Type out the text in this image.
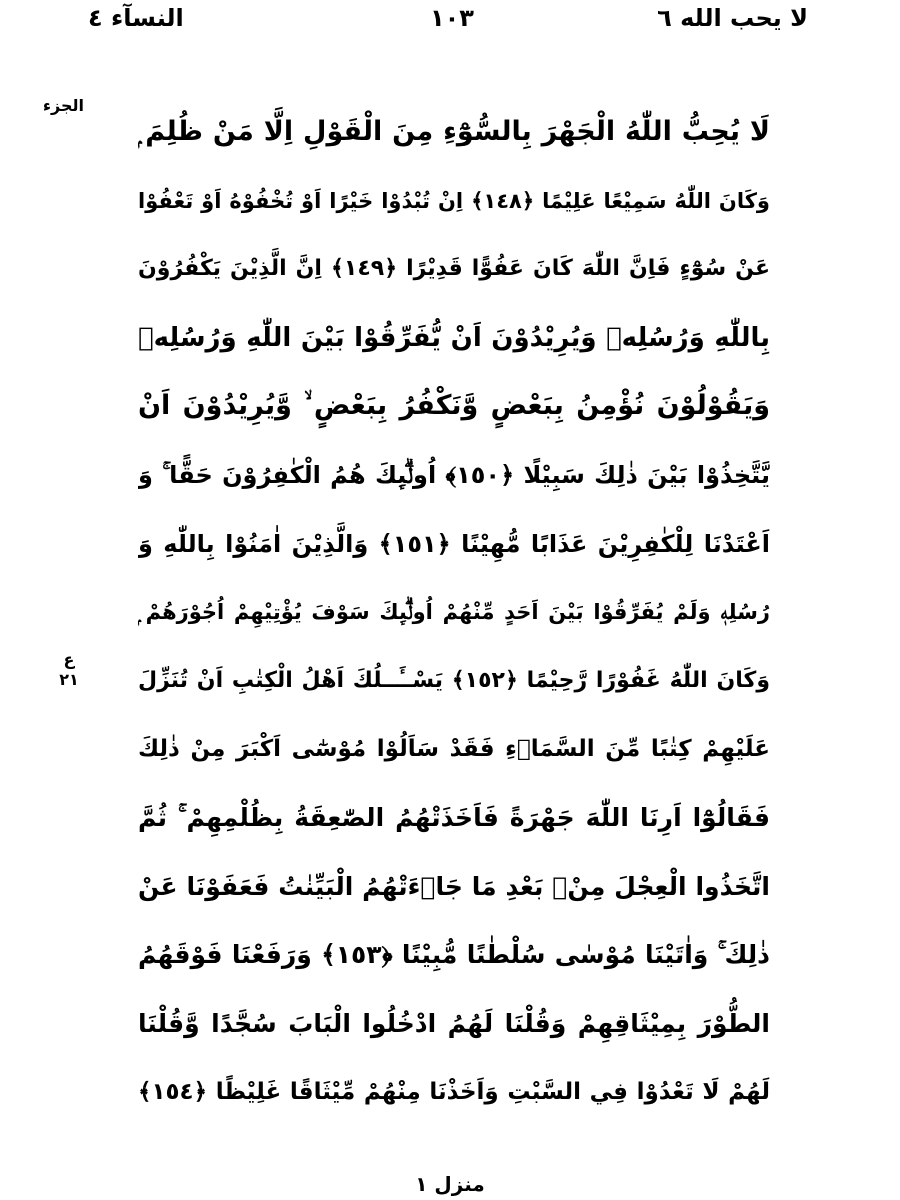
لا يحب الله ٦
١٠٣
النسآء ٤
الجزء
ع ٢١
لَا يُحِبُّ اللّٰهُ الْجَهْرَ بِالسُّوْٓءِ مِنَ الْقَوْلِ اِلَّا مَنْ ظُلِمَ ۭ
وَكَانَ اللّٰهُ سَمِيْعًا عَلِيْمًا ﴿١٤٨﴾ اِنْ تُبْدُوْا خَيْرًا اَوْ تُخْفُوْهُ اَوْ تَعْفُوْا
عَنْ سُوْٓءٍ فَاِنَّ اللّٰهَ كَانَ عَفُوًّا قَدِيْرًا ﴿١٤٩﴾ اِنَّ الَّذِيْنَ يَكْفُرُوْنَ
بِاللّٰهِ وَرُسُلِهٖ وَيُرِيْدُوْنَ اَنْ يُّفَرِّقُوْا بَيْنَ اللّٰهِ وَرُسُلِهٖ
وَيَقُوْلُوْنَ نُؤْمِنُ بِبَعْضٍ وَّنَكْفُرُ بِبَعْضٍ ۙ وَّيُرِيْدُوْنَ اَنْ
يَّتَّخِذُوْا بَيْنَ ذٰلِكَ سَبِيْلًا ﴿١٥٠﴾ اُولٰۗىِٕكَ هُمُ الْكٰفِرُوْنَ حَقًّا ۚ وَ
اَعْتَدْنَا لِلْكٰفِرِيْنَ عَذَابًا مُّهِيْنًا ﴿١٥١﴾ وَالَّذِيْنَ اٰمَنُوْا بِاللّٰهِ وَ
رُسُلِهٖ وَلَمْ يُفَرِّقُوْا بَيْنَ اَحَدٍ مِّنْهُمْ اُولٰۗىِٕكَ سَوْفَ يُؤْتِيْهِمْ اُجُوْرَهُمْ ۭ
وَكَانَ اللّٰهُ غَفُوْرًا رَّحِيْمًا ﴿١٥٢﴾ يَسْــَٔــلُكَ اَهْلُ الْكِتٰبِ اَنْ تُنَزِّلَ
عَلَيْهِمْ كِتٰبًا مِّنَ السَّمَاۗءِ فَقَدْ سَاَلُوْا مُوْسٰٓى اَكْبَرَ مِنْ ذٰلِكَ
فَقَالُوْٓا اَرِنَا اللّٰهَ جَهْرَةً فَاَخَذَتْهُمُ الصّٰعِقَةُ بِظُلْمِهِمْ ۚ ثُمَّ
اتَّخَذُوا الْعِجْلَ مِنْۢ بَعْدِ مَا جَاۗءَتْهُمُ الْبَيِّنٰتُ فَعَفَوْنَا عَنْ
ذٰلِكَ ۚ وَاٰتَيْنَا مُوْسٰى سُلْطٰنًا مُّبِيْنًا ﴿١٥٣﴾ وَرَفَعْنَا فَوْقَهُمُ
الطُّوْرَ بِمِيْثَاقِهِمْ وَقُلْنَا لَهُمُ ادْخُلُوا الْبَابَ سُجَّدًا وَّقُلْنَا
لَهُمْ لَا تَعْدُوْا فِي السَّبْتِ وَاَخَذْنَا مِنْهُمْ مِّيْثَاقًا غَلِيْظًا ﴿١٥٤﴾
منزل ١
